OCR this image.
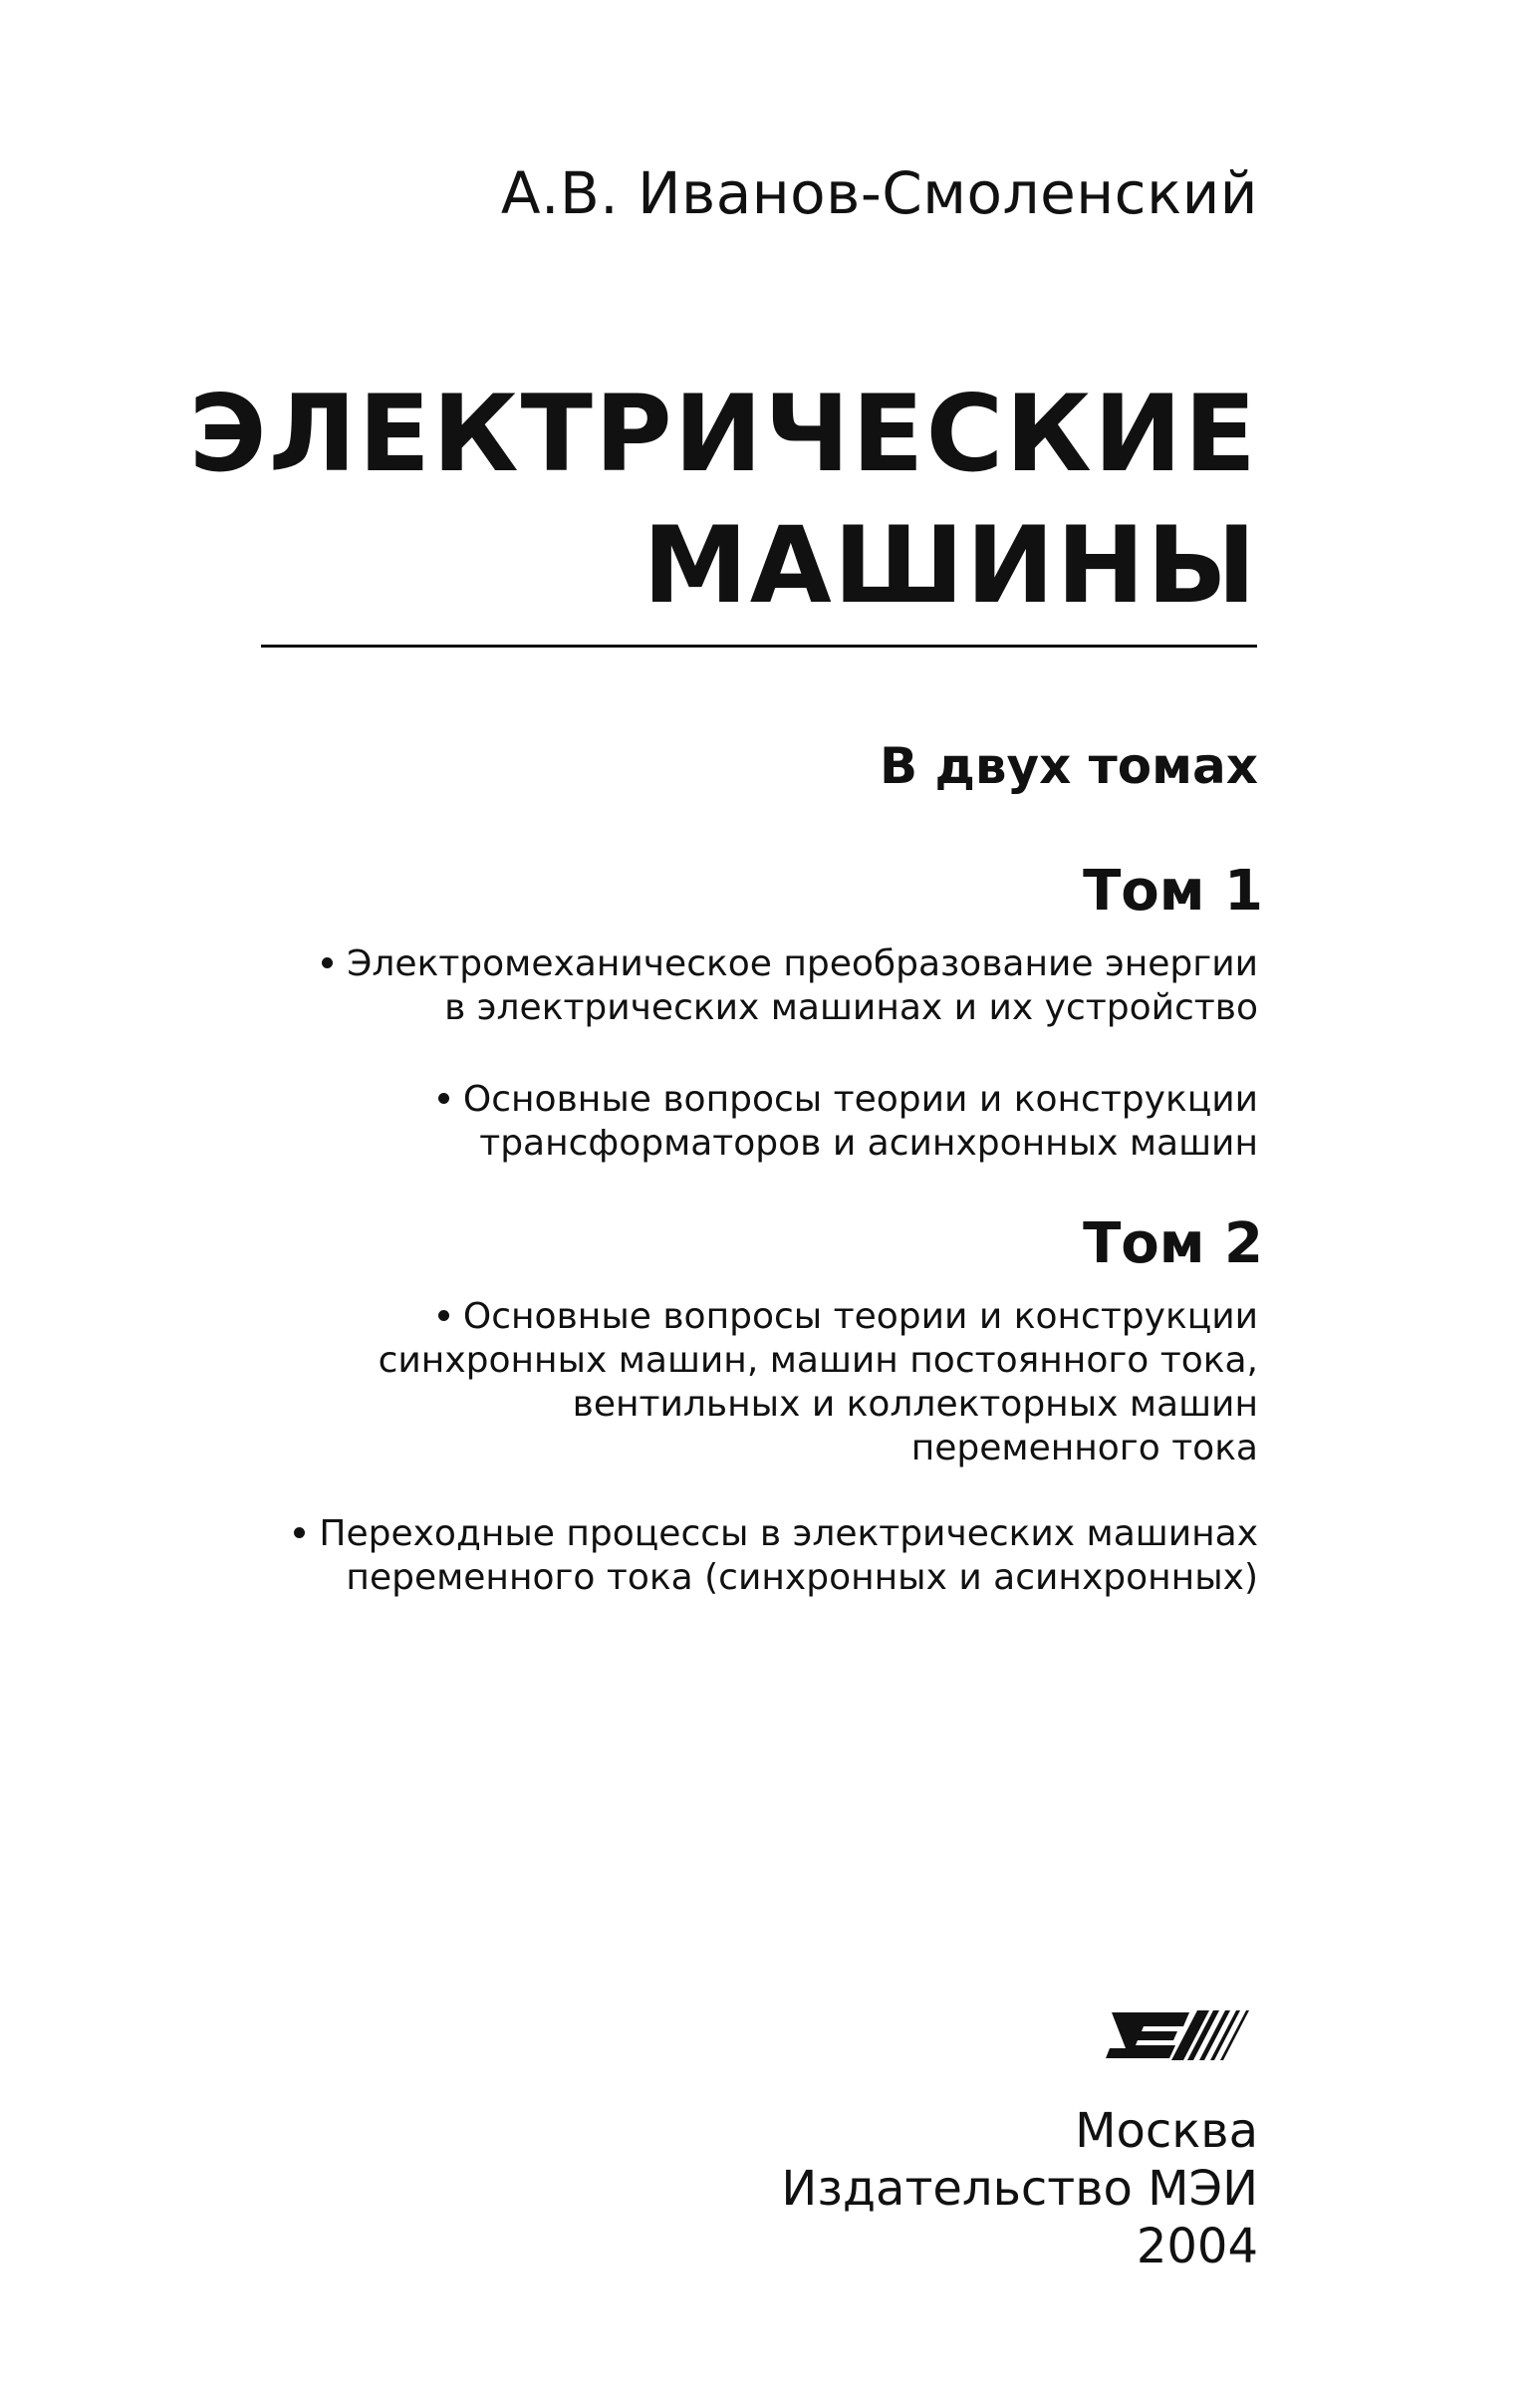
А.В. Иванов-Смоленский
ЭЛЕКТРИЧЕСКИЕ
МАШИНЫ
В двух томах
Том 1
Электромеханическое преобразование энергии
в электрических машинах и их устройство
Основные вопросы теории и конструкции
трансформаторов и асинхронных машин
Том 2
Основные вопросы теории и конструкции
синхронных машин, машин постоянного тока,
вентильных и коллекторных машин
переменного тока
Переходные процессы в электрических машинах
переменного тока (синхронных и асинхронных)
Москва
Издательство МЭИ
2004
